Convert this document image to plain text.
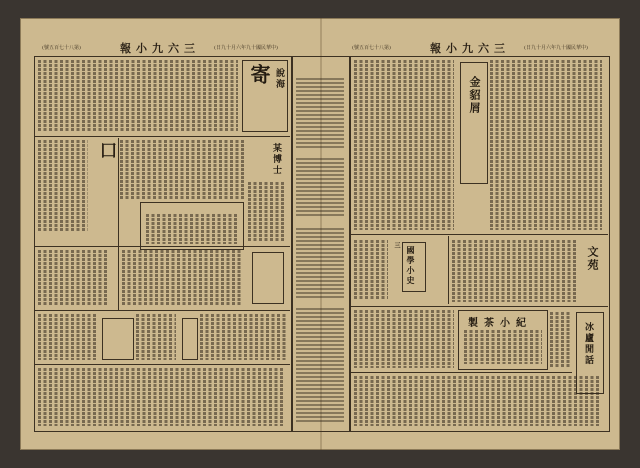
(號五百七十八第)	報小九六三	(日九十月六年九十國民華中)
寄 說海
囗	某博士
(號五百七十八第)	報小九六三	(日九十月六年九十國民華中)
金貂屑
三 國學小史	文苑
製茶小紀	冰廬閒話
